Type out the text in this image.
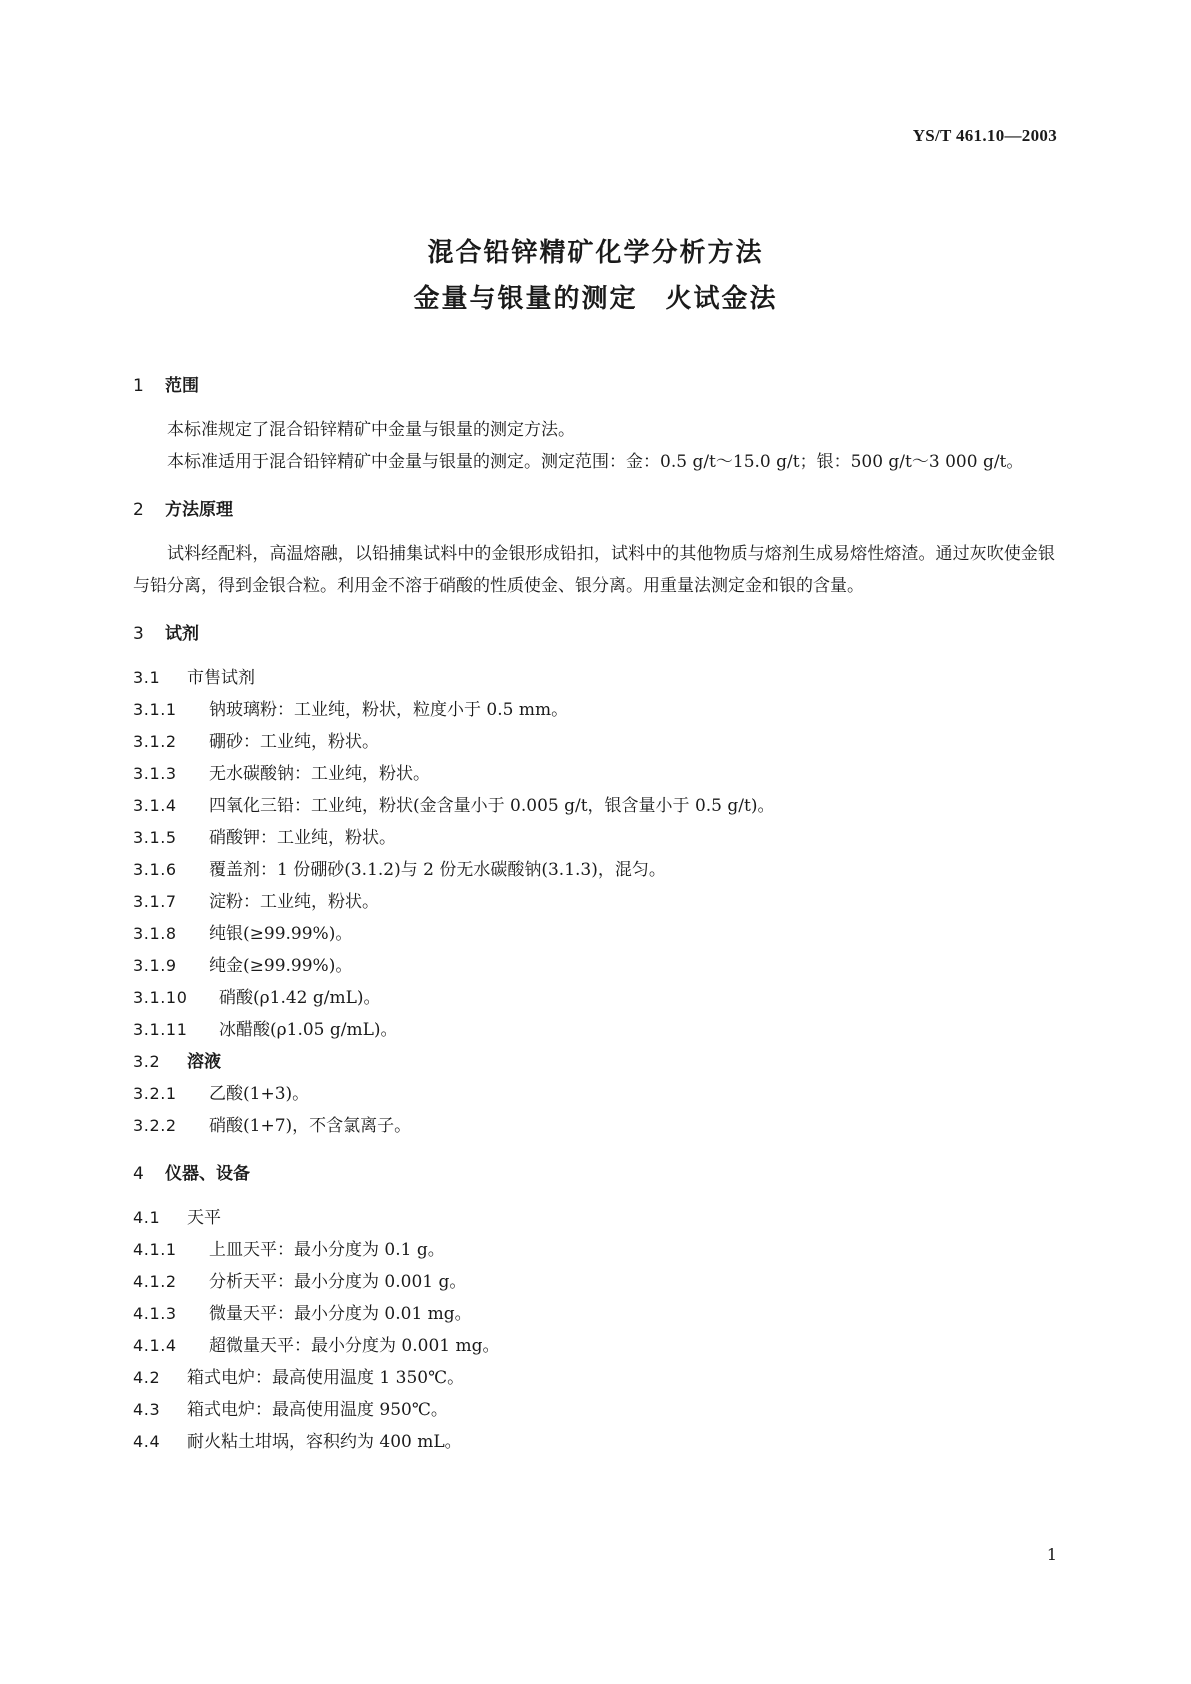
YS/T 461.10—2003
混合铅锌精矿化学分析方法
金量与银量的测定　火试金法
1 范围
本标准规定了混合铅锌精矿中金量与银量的测定方法。
本标准适用于混合铅锌精矿中金量与银量的测定。测定范围：金：0.5 g/t～15.0 g/t；银：500 g/t～3 000 g/t。
2 方法原理
试料经配料，高温熔融，以铅捕集试料中的金银形成铅扣，试料中的其他物质与熔剂生成易熔性熔渣。通过灰吹使金银与铅分离，得到金银合粒。利用金不溶于硝酸的性质使金、银分离。用重量法测定金和银的含量。
3 试剂
3.1 市售试剂
3.1.1 钠玻璃粉：工业纯，粉状，粒度小于 0.5 mm。
3.1.2 硼砂：工业纯，粉状。
3.1.3 无水碳酸钠：工业纯，粉状。
3.1.4 四氧化三铅：工业纯，粉状(金含量小于 0.005 g/t，银含量小于 0.5 g/t)。
3.1.5 硝酸钾：工业纯，粉状。
3.1.6 覆盖剂：1 份硼砂(3.1.2)与 2 份无水碳酸钠(3.1.3)，混匀。
3.1.7 淀粉：工业纯，粉状。
3.1.8 纯银(≥99.99%)。
3.1.9 纯金(≥99.99%)。
3.1.10 硝酸(ρ1.42 g/mL)。
3.1.11 冰醋酸(ρ1.05 g/mL)。
3.2 溶液
3.2.1 乙酸(1+3)。
3.2.2 硝酸(1+7)，不含氯离子。
4 仪器、设备
4.1 天平
4.1.1 上皿天平：最小分度为 0.1 g。
4.1.2 分析天平：最小分度为 0.001 g。
4.1.3 微量天平：最小分度为 0.01 mg。
4.1.4 超微量天平：最小分度为 0.001 mg。
4.2 箱式电炉：最高使用温度 1 350℃。
4.3 箱式电炉：最高使用温度 950℃。
4.4 耐火粘土坩埚，容积约为 400 mL。
1
